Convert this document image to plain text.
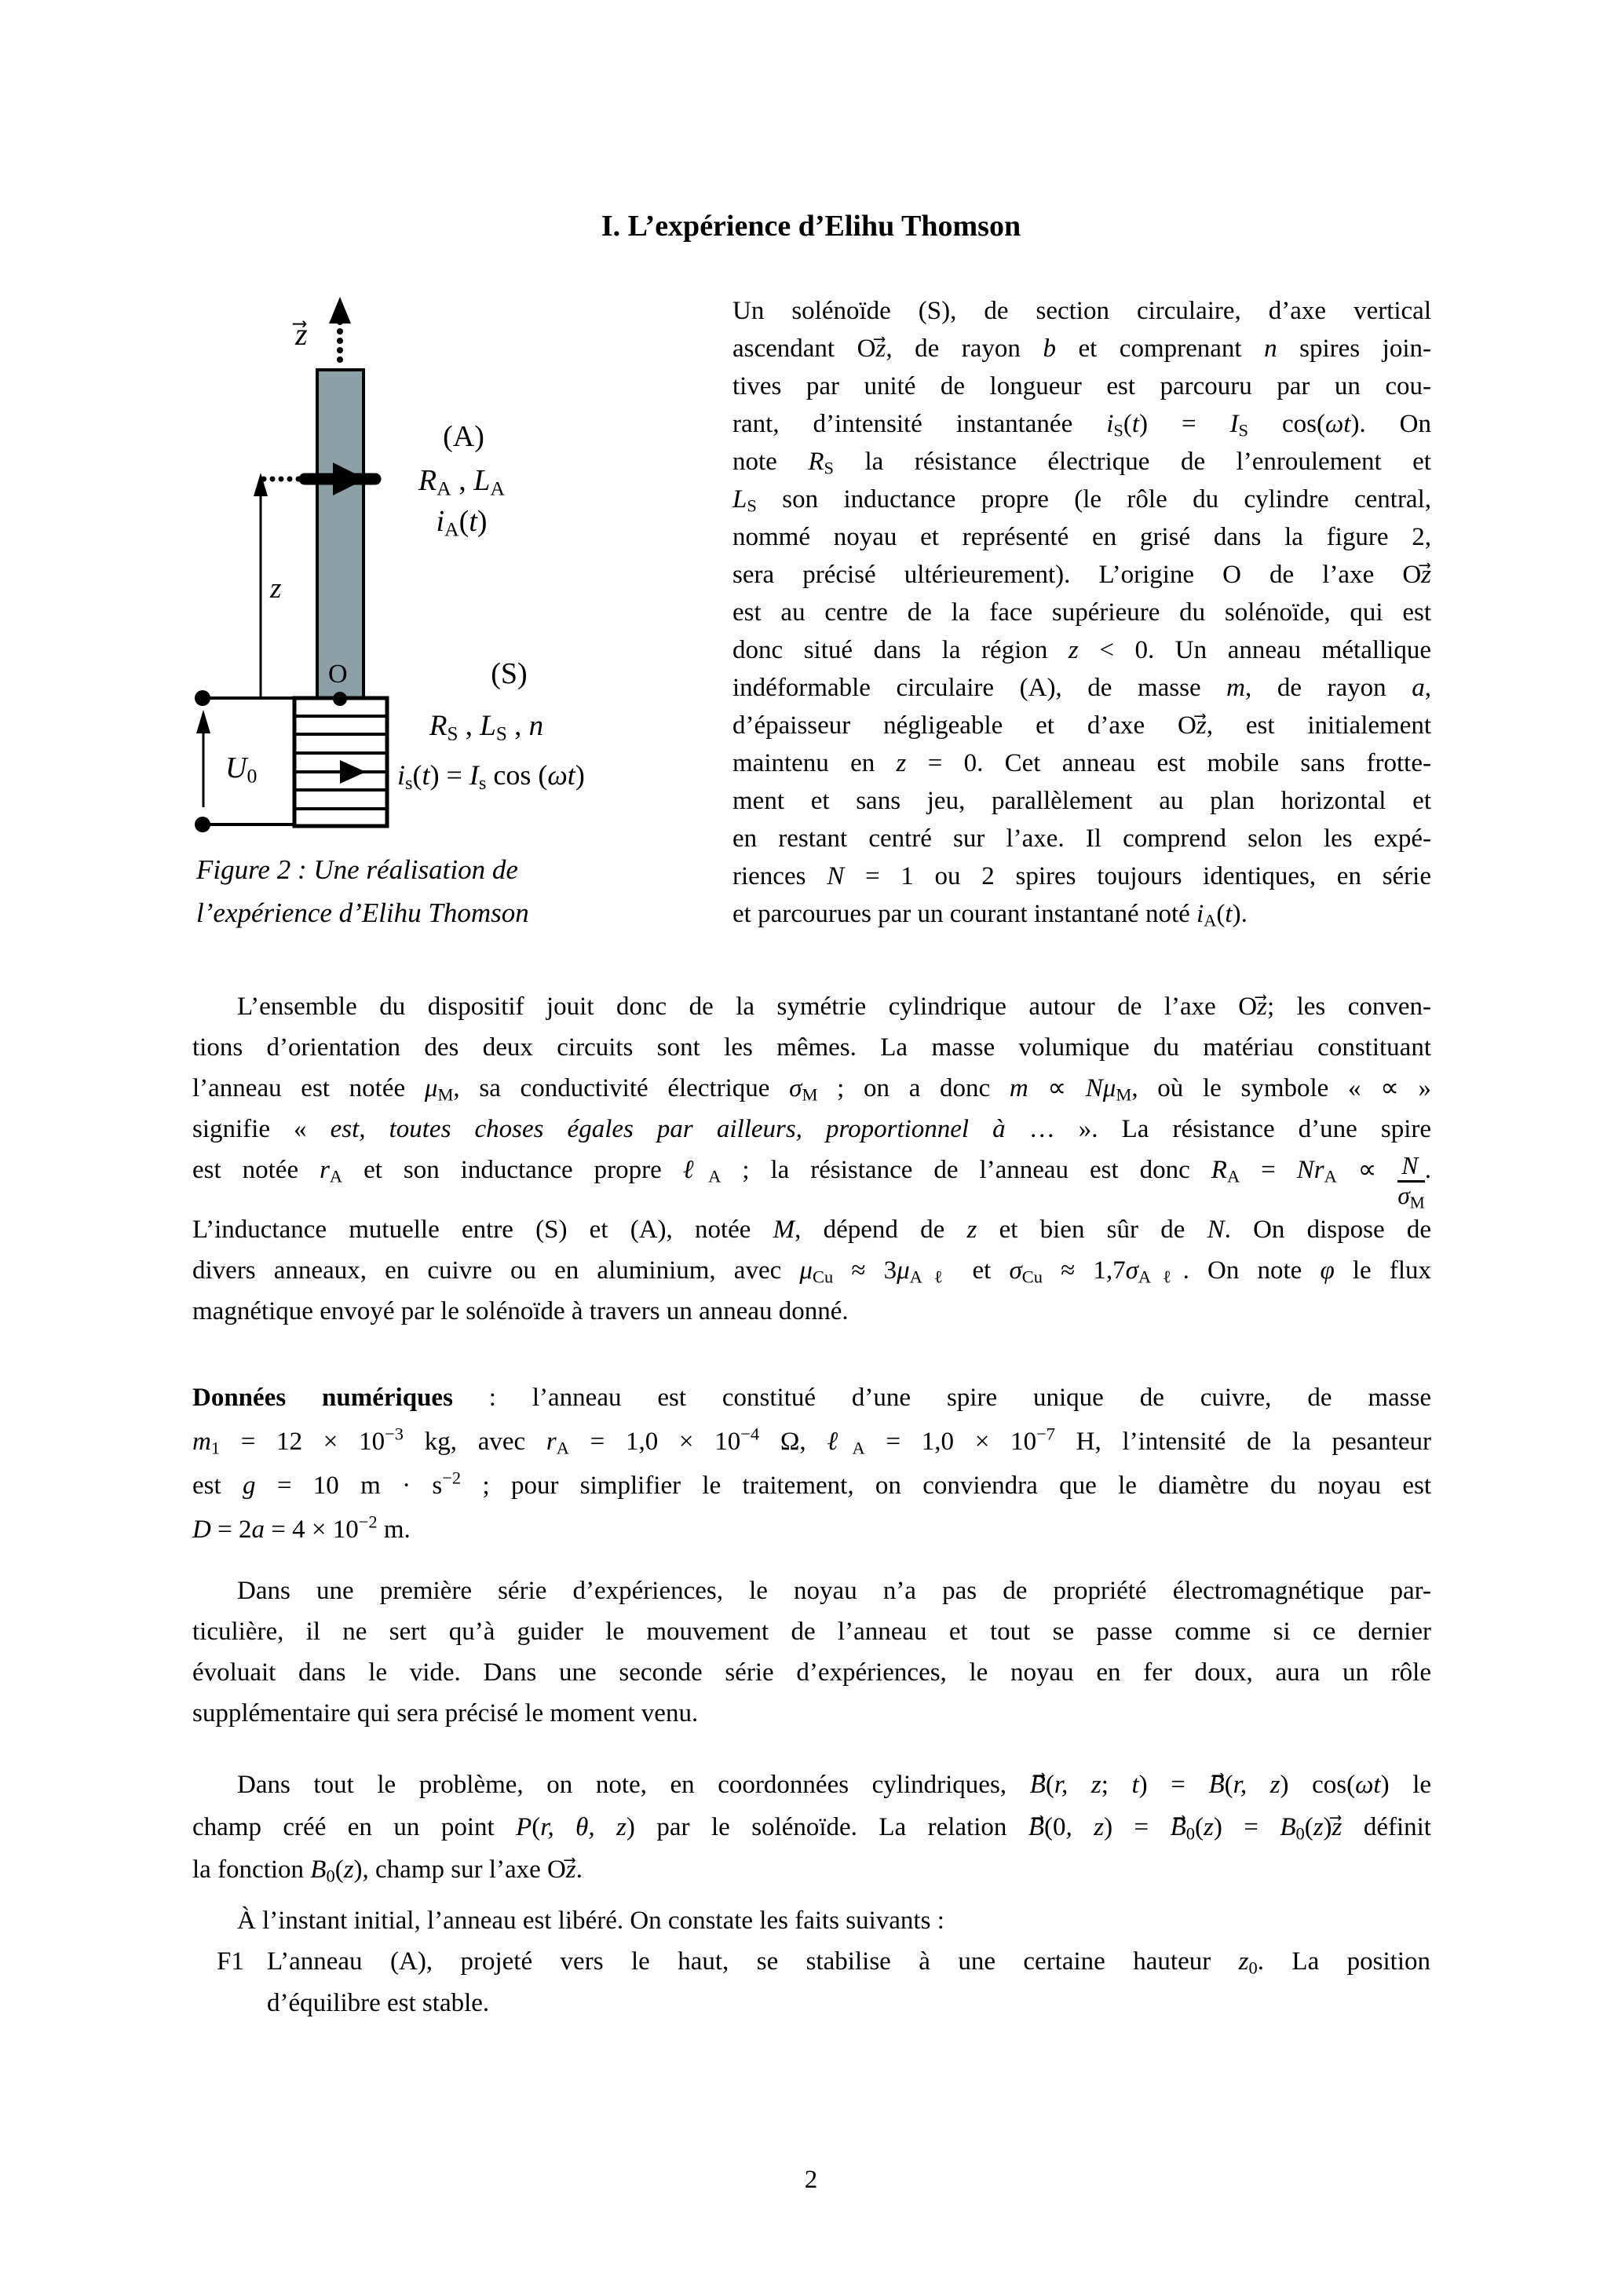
I. L’expérience d’Elihu Thomson
z
z
(A)
$R_A$ , $L_A$
$i_A(t)$
O
$U_0$
(S)
$R_S$ , $L_S$ , n
$i_s(t) = I_s$ cos (ωt)
Figure 2 : Une réalisation de
l’expérience d’Elihu Thomson
Un solénoïde (S), de section circulaire, d’axe vertical
ascendant Oz⃗, de rayon b et comprenant n spires join-
tives par unité de longueur est parcouru par un cou-
rant, d’intensité instantanée $i_S(t) = I_S$ cos(ωt). On
note $R_S$ la résistance électrique de l’enroulement et
$L_S$ son inductance propre (le rôle du cylindre central,
nommé noyau et représenté en grisé dans la figure 2,
sera précisé ultérieurement). L’origine O de l’axe Oz
est au centre de la face supérieure du solénoïde, qui est
donc situé dans la région z < 0. Un anneau métallique
indéformable circulaire (A), de masse m, de rayon a,
d’épaisseur négligeable et d’axe Oz⃗, est initialement
maintenu en z = 0. Cet anneau est mobile sans frotte-
ment et sans jeu, parallèlement au plan horizontal et
en restant centré sur l’axe. Il comprend selon les expé-
riences N = 1 ou 2 spires toujours identiques, en série
et parcourues par un courant instantané noté $i_A(t)$.
L’ensemble du dispositif jouit donc de la symétrie cylindrique autour de l’axe Oz⃗; les conven-
tions d’orientation des deux circuits sont les mêmes. La masse volumique du matériau constituant
l’anneau est notée $\mu_M$, sa conductivité électrique $\sigma_M$ ; on a donc $m \propto N\mu_M$, où le symbole « ∝ »
signifie « est, toutes choses égales par ailleurs, proportionnel à … ». La résistance d’une spire
est notée $r_A$ et son inductance propre ℓ$_A$ ; la résistance de l’anneau est donc $R_A = Nr_A \propto \frac{N}{\sigma_M}$ .
L’inductance mutuelle entre (S) et (A), notée M, dépend de z et bien sûr de N. On dispose de
divers anneaux, en cuivre ou en aluminium, avec $\mu_{Cu} \approx 3\mu_{A\ell}$ et $\sigma_{Cu} \approx 1,7\sigma_{A\ell}$. On note φ le flux
magnétique envoyé par le solénoïde à travers un anneau donné.
Données numériques : l’anneau est constitué d’une spire unique de cuivre, de masse
$m_1 = 12 \times 10^{-3}$ kg, avec $r_A = 1,0 \times 10^{-4}$ Ω, ℓ$_A$ = $1,0 \times 10^{-7}$ H, l’intensité de la pesanteur
est g = 10 $m \cdot s^{-2}$ ; pour simplifier le traitement, on conviendra que le diamètre du noyau est
$D = 2a = 4 \times 10^{-2}$ m.
Dans une première série d’expériences, le noyau n’a pas de propriété électromagnétique par-
ticulière, il ne sert qu’à guider le mouvement de l’anneau et tout se passe comme si ce dernier
évoluait dans le vide. Dans une seconde série d’expériences, le noyau en fer doux, aura un rôle
supplémentaire qui sera précisé le moment venu.
Dans tout le problème, on note, en coordonnées cylindriques, B⃗(r, z; t) = B⃗(r, z) cos(ωt) le
champ créé en un point P(r, θ, z) par le solénoïde. La relation B⃗(0, $z) = B_0(z)$ = $B_0(z)z⃗$ définit
la fonction $B_0(z)$, champ sur l’axe Oz⃗.
À l’instant initial, l’anneau est libéré. On constate les faits suivants :
F1 L’anneau (A), projeté vers le haut, se stabilise à une certaine hauteur $z_0$. La position
d’équilibre est stable.
2
